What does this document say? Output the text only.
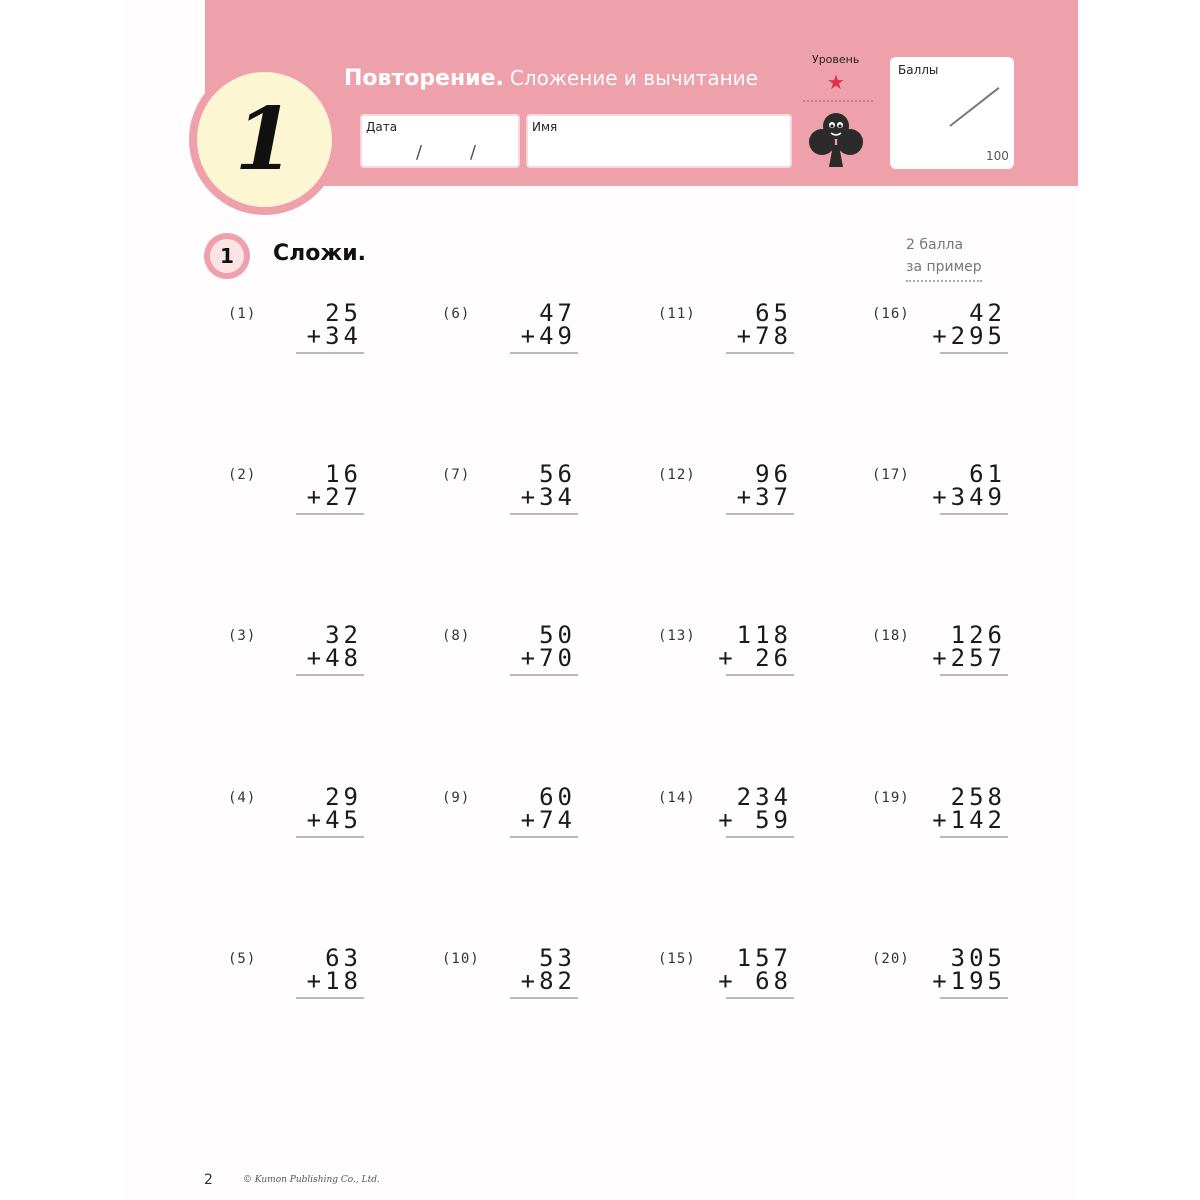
1
Повторение. Сложение и вычитание
Дата
/	/
Имя
Уровень
★	Баллы
100
1	Сложи.	2 балла
за пример
(1)	25
+34
(2)	16
+27
(3)	32
+48
(4)	29
+45
(5)	63
+18
(6)	47
+49
(7)	56
+34
(8)	50
+70
(9)	60
+74
(10) 53
+82
(11) 65
+78
(12) 96
+37
(13) 118
+ 26
(14) 234
+ 59
(15) 157
+ 68
(16) 42
+295
(17) 61
+349
(18) 126
+257
(19) 258
+142
(20) 305
+195
2	© Kumon Publishing Co., Ltd.
